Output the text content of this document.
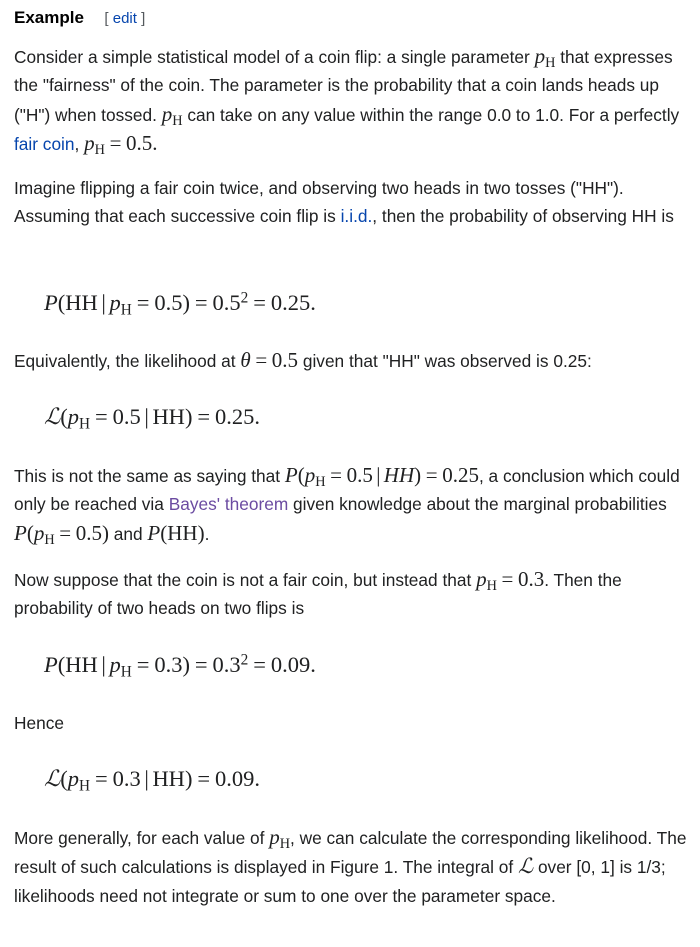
Example [ edit ]

Consider a simple statistical model of a coin flip: a single parameter $p_H$ that expresses the "fairness" of the coin. The parameter is the probability that a coin lands heads up ("H") when tossed. $p_H$ can take on any value within the range 0.0 to 1.0. For a perfectly fair coin, $p_H = 0.5$.

Imagine flipping a fair coin twice, and observing two heads in two tosses ("HH"). Assuming that each successive coin flip is i.i.d., then the probability of observing HH is

P(HH | $p_H = 0.5) = 0.5^2 = 0.25$.

Equivalently, the likelihood at θ = 0.5 given that "HH" was observed is 0.25:

$ℒ(p_H = 0.5$ | HH) = 0.25.

This is not the same as saying that $P(p_H = 0.5$ | HH) = 0.25, a conclusion which could only be reached via Bayes' theorem given knowledge about the marginal probabilities $P(p_H = 0.5)$ and P(HH).

Now suppose that the coin is not a fair coin, but instead that $p_H = 0.3$. Then the probability of two heads on two flips is

P(HH | $p_H = 0.3) = 0.3^2 = 0.09$.

Hence

$ℒ(p_H = 0.3$ | HH) = 0.09.

More generally, for each value of $p_H$, we can calculate the corresponding likelihood. The result of such calculations is displayed in Figure 1. The integral of ℒ over [0, 1] is 1/3; likelihoods need not integrate or sum to one over the parameter space.
